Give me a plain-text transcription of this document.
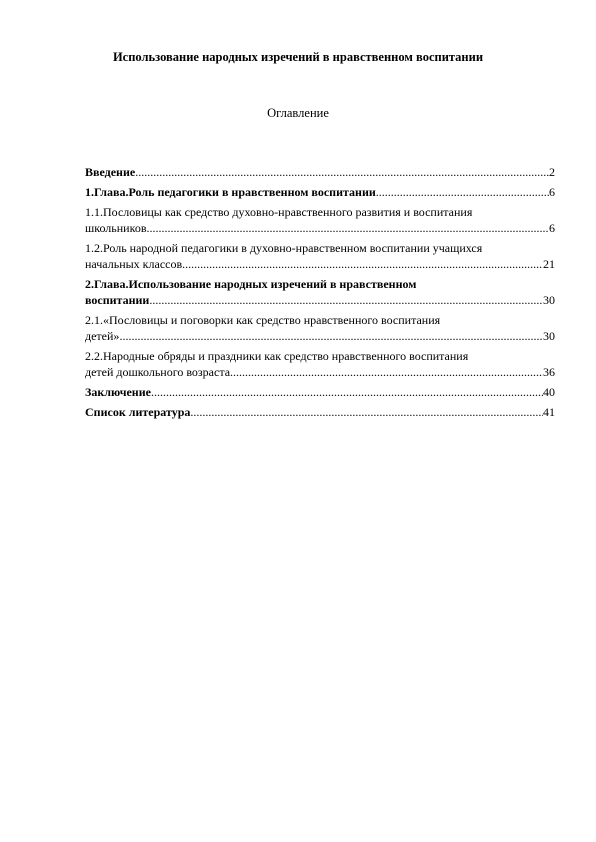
Использование народных изречений в нравственном воспитании
Оглавление
Введение .....	2
1.Глава.Роль педагогики в нравственном воспитании .....	6
1.1.Пословицы как средство духовно-нравственного развития и воспитания
школьников .....	6
1.2.Роль народной педагогики в духовно-нравственном воспитании учащихся
начальных классов .....	21
2.Глава.Использование народных изречений в нравственном
воспитании .....	30
2.1.«Пословицы и поговорки как средство нравственного воспитания
детей» .....	30
2.2.Народные обряды и праздники как средство нравственного воспитания
детей дошкольного возраста .....	36
Заключение .....	40
Список литература .....	41
